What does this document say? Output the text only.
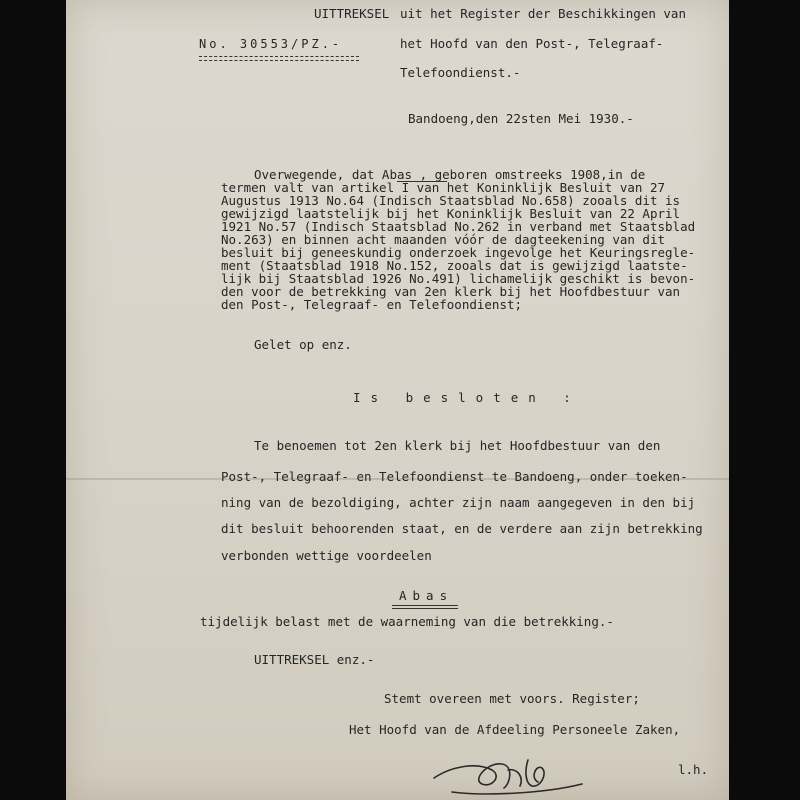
UITTREKSEL uit het Register der Beschikkingen van
No. 30553/PZ.-	het Hoofd van den Post-, Telegraaf-
Telefoondienst.-
Bandoeng,den 22sten Mei 1930.-
Overwegende, dat Abas , geboren omstreeks 1908,in de
termen valt van artikel I van het Koninklijk Besluit van 27
Augustus 1913 No.64 (Indisch Staatsblad No.658) zooals dit is
gewijzigd laatstelijk bij het Koninklijk Besluit van 22 April
1921 No.57 (Indisch Staatsblad No.262 in verband met Staatsblad
No.263) en binnen acht maanden vóór de dagteekening van dit
besluit bij geneeskundig onderzoek ingevolge het Keuringsregle-
ment (Staatsblad 1918 No.152, zooals dat is gewijzigd laatste-
lijk bij Staatsblad 1926 No.491) lichamelijk geschikt is bevon-
den voor de betrekking van 2en klerk bij het Hoofdbestuur van
den Post-, Telegraaf- en Telefoondienst;
Gelet op enz.
Is besloten :
Te benoemen tot 2en klerk bij het Hoofdbestuur van den
Post-, Telegraaf- en Telefoondienst te Bandoeng, onder toeken-
ning van de bezoldiging, achter zijn naam aangegeven in den bij
dit besluit behoorenden staat, en de verdere aan zijn betrekking
verbonden wettige voordeelen
Abas
tijdelijk belast met de waarneming van die betrekking.-
UITTREKSEL enz.-
Stemt overeen met voors. Register;
Het Hoofd van de Afdeeling Personeele Zaken,
l.h.
